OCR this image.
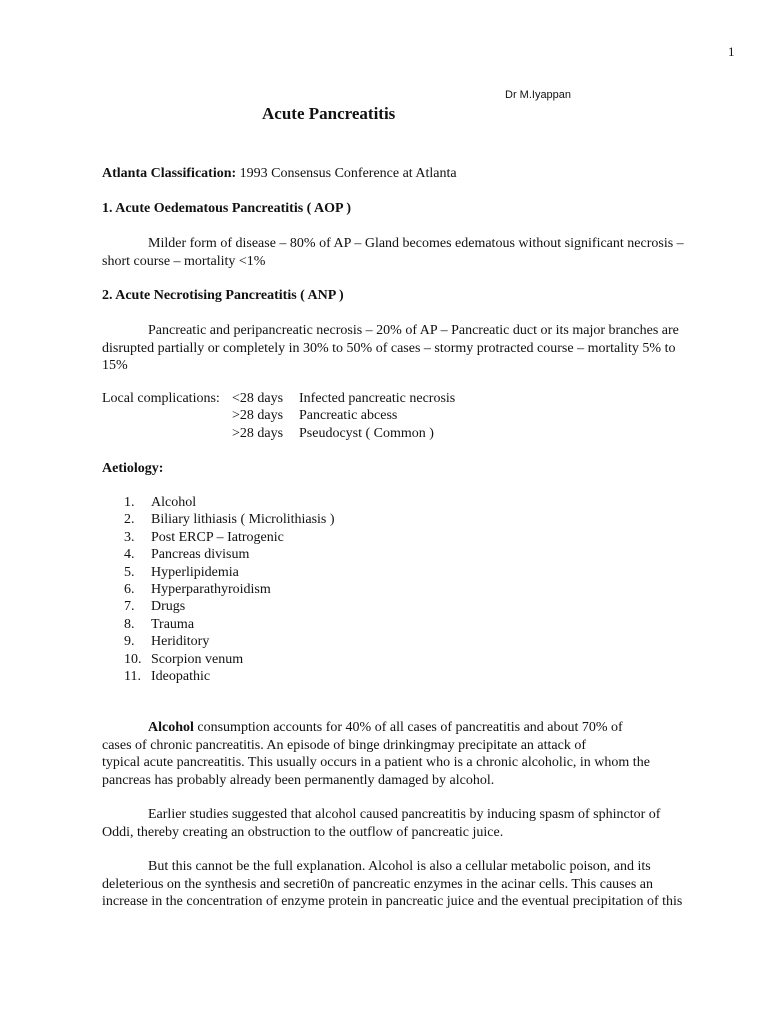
1
Dr M.Iyappan
Acute Pancreatitis
Atlanta Classification: 1993 Consensus Conference at Atlanta
1. Acute Oedematous Pancreatitis ( AOP )
Milder form of disease – 80% of AP – Gland becomes edematous without significant necrosis –
short course – mortality <1%
2. Acute Necrotising Pancreatitis ( ANP )
Pancreatic and peripancreatic necrosis – 20% of AP – Pancreatic duct or its major branches are
disrupted partially or completely in 30% to 50% of cases – stormy protracted course – mortality 5% to
15%
Local complications: <28 days Infected pancreatic necrosis
>28 days Pancreatic abcess
>28 days Pseudocyst ( Common )
Aetiology:
1. Alcohol
2. Biliary lithiasis ( Microlithiasis )
3. Post ERCP – Iatrogenic
4. Pancreas divisum
5. Hyperlipidemia
6. Hyperparathyroidism
7. Drugs
8. Trauma
9. Heriditory
10. Scorpion venum
11. Ideopathic
Alcohol consumption accounts for 40% of all cases of pancreatitis and about 70% of
cases of chronic pancreatitis. An episode of binge drinkingmay precipitate an attack of
typical acute pancreatitis. This usually occurs in a patient who is a chronic alcoholic, in whom the
pancreas has probably already been permanently damaged by alcohol.
Earlier studies suggested that alcohol caused pancreatitis by inducing spasm of sphinctor of
Oddi, thereby creating an obstruction to the outflow of pancreatic juice.
But this cannot be the full explanation. Alcohol is also a cellular metabolic poison, and its
deleterious on the synthesis and secreti0n of pancreatic enzymes in the acinar cells. This causes an
increase in the concentration of enzyme protein in pancreatic juice and the eventual precipitation of this
